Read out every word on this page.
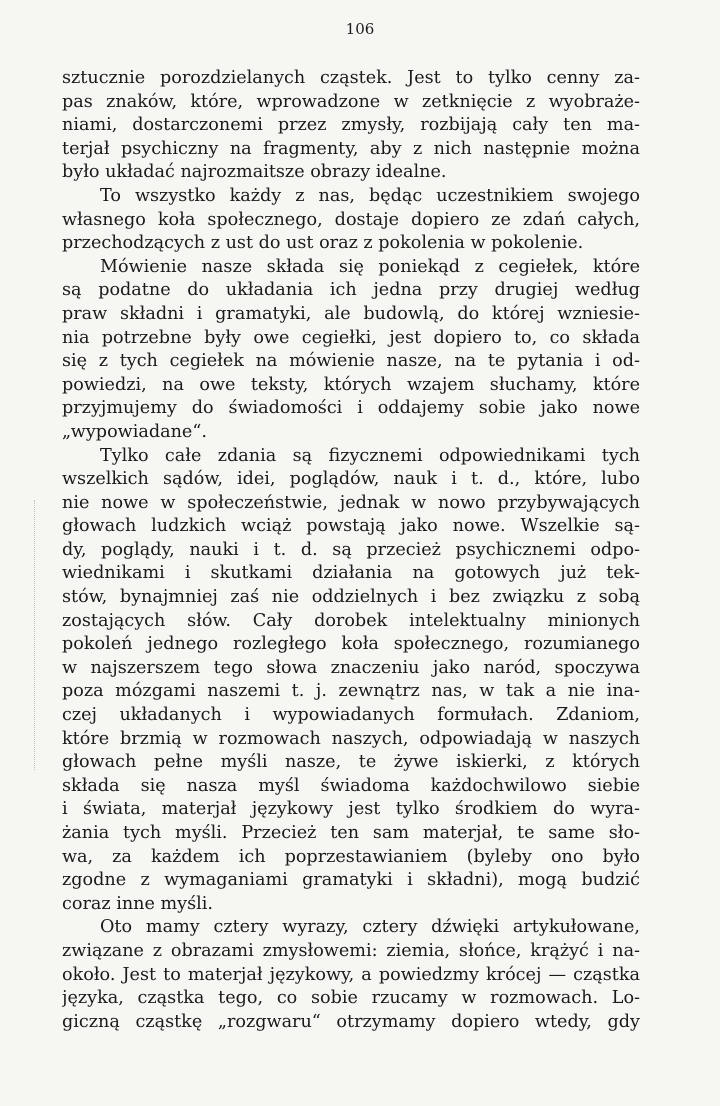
106
sztucznie porozdzielanych cząstek. Jest to tylko cenny za-
pas znaków, które, wprowadzone w zetknięcie z wyobraże-
niami, dostarczonemi przez zmysły, rozbijają cały ten ma-
terjał psychiczny na fragmenty, aby z nich następnie można
było układać najrozmaitsze obrazy idealne.
To wszystko każdy z nas, będąc uczestnikiem swojego
własnego koła społecznego, dostaje dopiero ze zdań całych,
przechodzących z ust do ust oraz z pokolenia w pokolenie.
Mówienie nasze składa się poniekąd z cegiełek, które
są podatne do układania ich jedna przy drugiej według
praw składni i gramatyki, ale budowlą, do której wzniesie-
nia potrzebne były owe cegiełki, jest dopiero to, co składa
się z tych cegiełek na mówienie nasze, na te pytania i od-
powiedzi, na owe teksty, których wzajem słuchamy, które
przyjmujemy do świadomości i oddajemy sobie jako nowe
„wypowiadane“.
Tylko całe zdania są fizycznemi odpowiednikami tych
wszelkich sądów, idei, poglądów, nauk i t. d., które, lubo
nie nowe w społeczeństwie, jednak w nowo przybywających
głowach ludzkich wciąż powstają jako nowe. Wszelkie są-
dy, poglądy, nauki i t. d. są przecież psychicznemi odpo-
wiednikami i skutkami działania na gotowych już tek-
stów, bynajmniej zaś nie oddzielnych i bez związku z sobą
zostających słów. Cały dorobek intelektualny minionych
pokoleń jednego rozległego koła społecznego, rozumianego
w najszerszem tego słowa znaczeniu jako naród, spoczywa
poza mózgami naszemi t. j. zewnątrz nas, w tak a nie ina-
czej układanych i wypowiadanych formułach. Zdaniom,
które brzmią w rozmowach naszych, odpowiadają w naszych
głowach pełne myśli nasze, te żywe iskierki, z których
składa się nasza myśl świadoma każdochwilowo siebie
i świata, materjał językowy jest tylko środkiem do wyra-
żania tych myśli. Przecież ten sam materjał, te same sło-
wa, za każdem ich poprzestawianiem (byleby ono było
zgodne z wymaganiami gramatyki i składni), mogą budzić
coraz inne myśli.
Oto mamy cztery wyrazy, cztery dźwięki artykułowane,
związane z obrazami zmysłowemi: ziemia, słońce, krążyć i na-
około. Jest to materjał językowy, a powiedzmy krócej — cząstka
języka, cząstka tego, co sobie rzucamy w rozmowach. Lo-
giczną cząstkę „rozgwaru“ otrzymamy dopiero wtedy, gdy
